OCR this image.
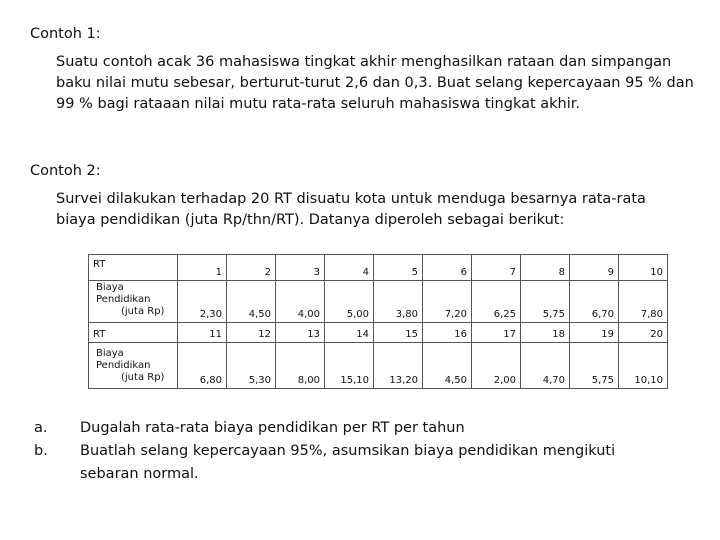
Contoh 1:
Suatu contoh acak 36 mahasiswa tingkat akhir menghasilkan rataan dan simpangan baku nilai mutu sebesar, berturut-turut 2,6 dan 0,3. Buat selang kepercayaan 95 % dan 99 % bagi rataaan nilai mutu rata-rata seluruh mahasiswa tingkat akhir.
Contoh 2:
Survei dilakukan terhadap 20 RT disuatu kota untuk menduga besarnya rata-rata biaya pendidikan (juta Rp/thn/RT). Datanya diperoleh sebagai berikut:
RT	1	2	3	4	5	6	7	8	9	10

Biaya Pendidikan
(juta Rp)	2,30	4,50	4,00	5,00	3,80	7,20	6,25	5,75	6,70	7,80
RT	11	12	13	14	15	16	17	18	19	20

Biaya Pendidikan
(juta Rp)	6,80	5,30	8,00	15,10	13,20	4,50	2,00	4,70	5,75	10,10
a.	Dugalah rata-rata biaya pendidikan per RT per tahun
b.	Buatlah selang kepercayaan 95%, asumsikan biaya pendidikan mengikuti sebaran normal.
